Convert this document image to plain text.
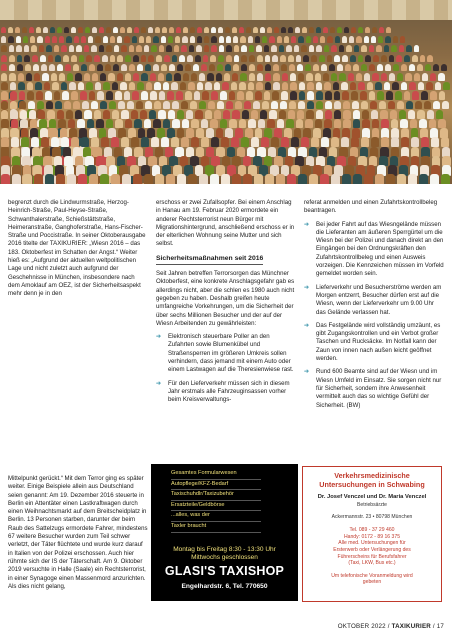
begrenzt durch die Lindwurmstraße, Herzog-Heinrich-Straße, Paul-Heyse-Straße, Schwanthalerstraße, Schießstättstraße, Heimeranstraße, Ganghoferstraße, Hans-Fischer-Straße und Poccistraße. In seiner Oktoberausgabe 2016 titelte der TAXIKURIER: „Wiesn 2016 – das 183. Oktoberfest im Schatten der Angst.“ Weiter hieß es: „Aufgrund der aktuellen weltpolitischen Lage und nicht zuletzt auch aufgrund der Geschehnisse in München, insbesondere nach dem Amoklauf am OEZ, ist der Sicherheitsaspekt mehr denn je in den

erschoss er zwei Zufallsopfer. Bei einem Anschlag in Hanau am 19. Februar 2020 ermordete ein anderer Rechtsterrorist neun Bürger mit Migrationshintergrund, anschließend erschoss er in der elterlichen Wohnung seine Mutter und sich selbst.

Sicherheitsmaßnahmen seit 2016

Seit Jahren betreffen Terrorsorgen das Münchner Oktoberfest, eine konkrete Anschlagsgefahr gab es allerdings nicht, aber die schlen es 1980 auch nicht gegeben zu haben. Deshalb greifen heute umfangreiche Vorkehrungen, um die Sicherheit der über sechs Millionen Besucher und der auf der Wiesn Arbeitenden zu gewährleisten:

➜ Elektronisch steuerbare Poller an den Zufahrten sowie Blumenkübel und Straßensperren im größeren Umkreis sollen verhindern, dass jemand mit einem Auto oder einem Lastwagen auf die Theresienwiese rast.
➜ Für den Lieferverkehr müssen sich in diesem Jahr erstmals alle Fahrzeuginsassen vorher beim Kreisverwaltungs-

referat anmelden und einen Zufahrtskontrollbeleg beantragen.

➜ Bei jeder Fahrt auf das Wiesngelände müssen die Lieferanten am äußeren Sperrgürtel um die Wiesn bei der Polizei und danach direkt an den Eingängen bei den Ordnungskräften den Zufahrtskontrollbeleg und einen Ausweis vorzeigen. Die Kennzeichen müssen im Vorfeld gemeldet worden sein.
➜ Lieferverkehr und Besucherströme werden am Morgen entzerrt, Besucher dürfen erst auf die Wiesn, wenn der Lieferverkehr um 9.00 Uhr das Gelände verlassen hat.
➜ Das Festgelände wird vollständig umzäunt, es gibt Zugangskontrollen und ein Verbot großer Taschen und Rucksäcke. Im Notfall kann der Zaun von innen nach außen leicht geöffnet werden.
➜ Rund 600 Beamte sind auf der Wiesn und im Wiesn Umfeld im Einsatz. Sie sorgen nicht nur für Sicherheit, sondern ihre Anwesenheit vermittelt auch das so wichtige Gefühl der Sicherheit. (BW)

Mittelpunkt gerückt.“ Mit dem Terror ging es später weiter. Einige Beispiele allein aus Deutschland seien genannt: Am 19. Dezember 2016 steuerte in Berlin ein Attentäter einen Lastkraftwagen durch einen Weihnachtsmarkt auf dem Breitscheidplatz in Berlin. 13 Personen starben, darunter der beim Raub des Sattelzugs ermordete Fahrer, mindestens 67 weitere Besucher wurden zum Teil schwer verletzt, der Täter flüchtete und wurde kurz darauf in Italien von der Polizei erschossen. Auch hier rühmte sich der IS der Täterschaft. Am 9. Oktober 2019 versuchte in Halle (Saale) ein Rechtsterrorist, in einer Synagoge einen Massenmord anzurichten. Als dies nicht gelang,

Gesamtes Formularwesen
Autopflege/KFZ-Bedarf
Taxischuhdlr/Taxizubehör
Ersatzteile/Geldbörse
...alles, was der
Taxler braucht
Montag bis Freitag 8:30 - 13:30 Uhr
Mittwochs geschlossen
GLASI'S TAXISHOP
Engelhardstr. 6, Tel. 770650
Verkehrsmedizinische
Untersuchungen in Schwabing
Dr. Josef Venczel und Dr. Maria Venczel
Betriebsärzte
Ackermannstr. 23 • 80798 München
Tel. 089 - 37 29 460
Handy: 0172 - 89 16 375
Alle med. Untersuchungen für
Ersterwerb oder Verlängerung des
Führerscheins für Berufsfahrer
(Taxi, LKW, Bus etc.)
Um telefonische Voranmeldung wird
gebeten
OKTOBER 2022 / TAXIKURIER / 17
